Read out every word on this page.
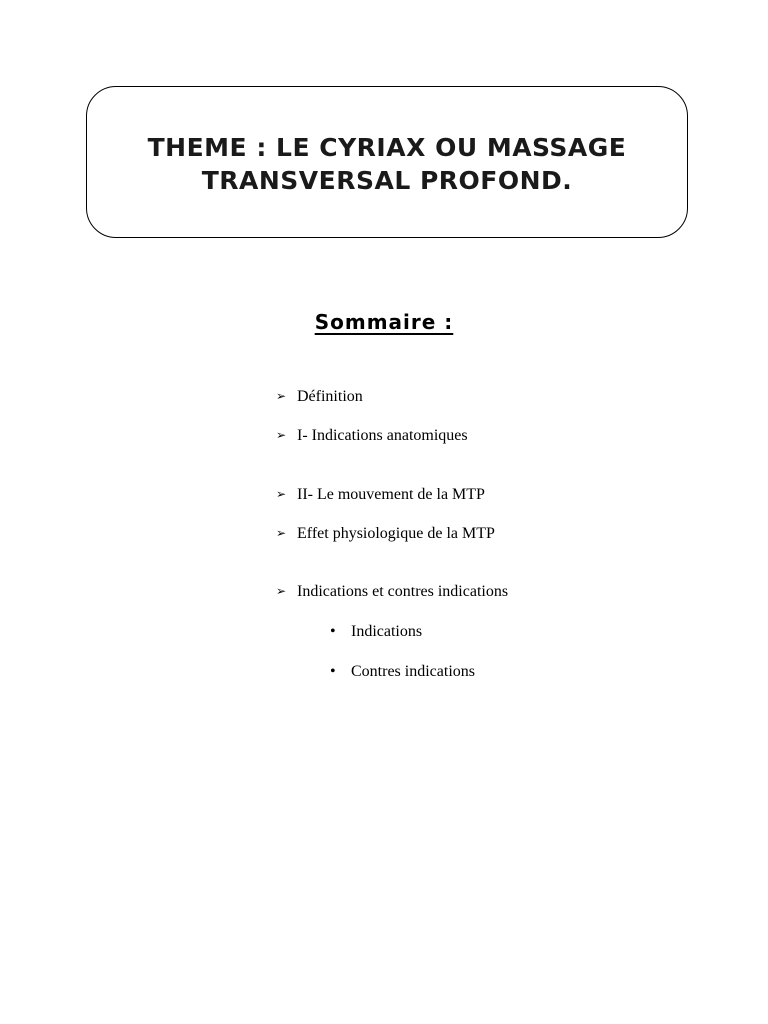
THEME : LE CYRIAX OU MASSAGE
TRANSVERSAL PROFOND.
Sommaire :
➢ Définition
➢ I- Indications anatomiques
➢ II- Le mouvement de la MTP
➢ Effet physiologique de la MTP
➢ Indications et contres indications
• Indications
• Contres indications
